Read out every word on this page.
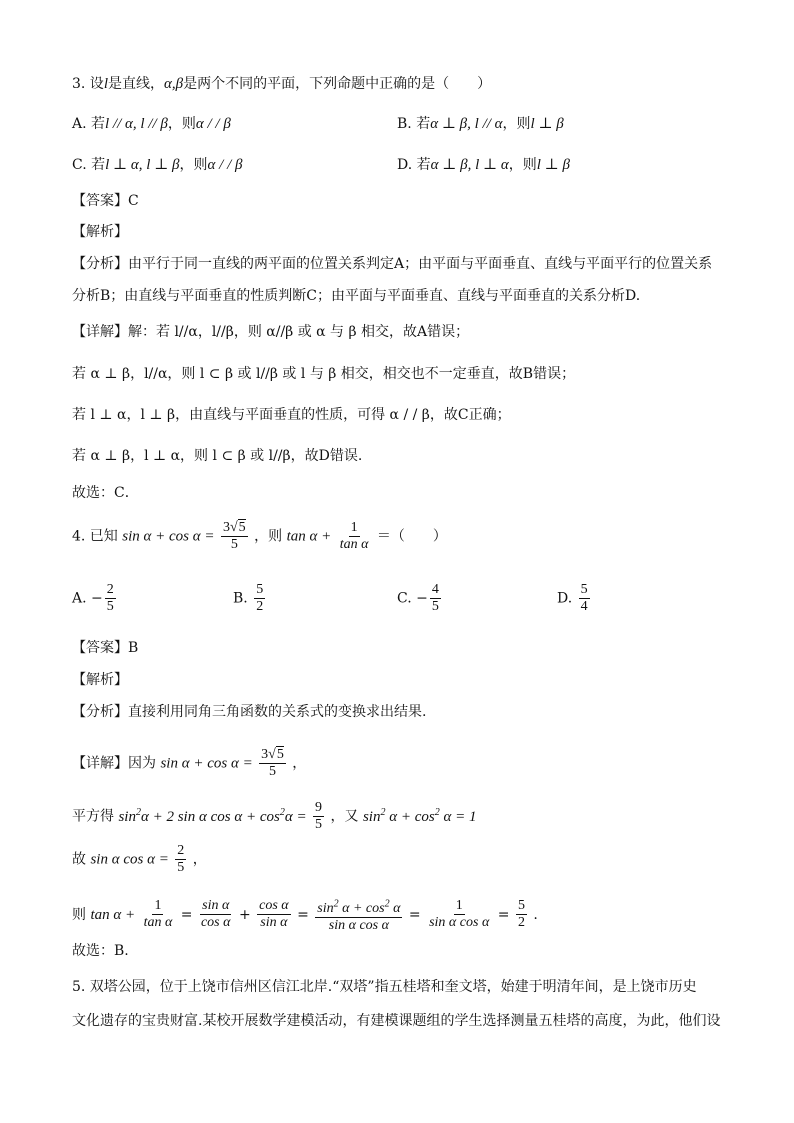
3. 设l是直线，α,β是两个不同的平面，下列命题中正确的是（　　）
A. 若l // α, l // β，则α / / β	B. 若α ⊥ β, l // α，则l ⊥ β
C. 若l ⊥ α, l ⊥ β，则α / / β	D. 若α ⊥ β, l ⊥ α，则l ⊥ β
【答案】C
【解析】
【分析】由平行于同一直线的两平面的位置关系判定A；由平面与平面垂直、直线与平面平行的位置关系
分析B；由直线与平面垂直的性质判断C；由平面与平面垂直、直线与平面垂直的关系分析D.
【详解】解：若 l//α，l//β，则 α//β 或 α 与 β 相交，故A错误；
若 α ⊥ β，l//α，则 l ⊂ β 或 l//β 或 l 与 β 相交，相交也不一定垂直，故B错误；
若 l ⊥ α，l ⊥ β，由直线与平面垂直的性质，可得 α / / β，故C正确；
若 α ⊥ β，l ⊥ α，则 l ⊂ β 或 l//β，故D错误.
故选：C．
4. 已知 $\sin \alpha + \cos \alpha = \frac{3√5}{5}$ ，则 $\tan \alpha + \frac{1}{\text{tan α}}$ ＝（　　）
A. − $\frac{2}{5}$	B. $\frac{5}{2}$	C. − $\frac{4}{5}$	D. $\frac{5}{4}$
【答案】B
【解析】
【分析】直接利用同角三角函数的关系式的变换求出结果.
【详解】因为 $\sin \alpha + \cos \alpha = \frac{3√5}{5}$ ，
平方得 $\sin^2\alpha + 2$ sin α $\cos \alpha + \cos^2\alpha = \frac{9}{5}$ ，又 $\sin^2 \alpha + \cos^2 \alpha = 1$
故 sin α $\cos \alpha = \frac{2}{5}$ ，
则 $\tan \alpha + \frac{1}{\text{tan α}} = \frac{\text{sin α}}{\text{cos α}} + \frac{\text{cos α}}{\text{sin α}} = \frac{\sin^2 \alpha + \cos^2 \alpha}{\text{sin α cos α}} = \frac{1}{\text{sin α cos α}} = \frac{5}{2}$ .
故选：B.
5. 双塔公园，位于上饶市信州区信江北岸.“双塔”指五桂塔和奎文塔，始建于明清年间，是上饶市历史
文化遗存的宝贵财富.某校开展数学建模活动，有建模课题组的学生选择测量五桂塔的高度，为此，他们设
